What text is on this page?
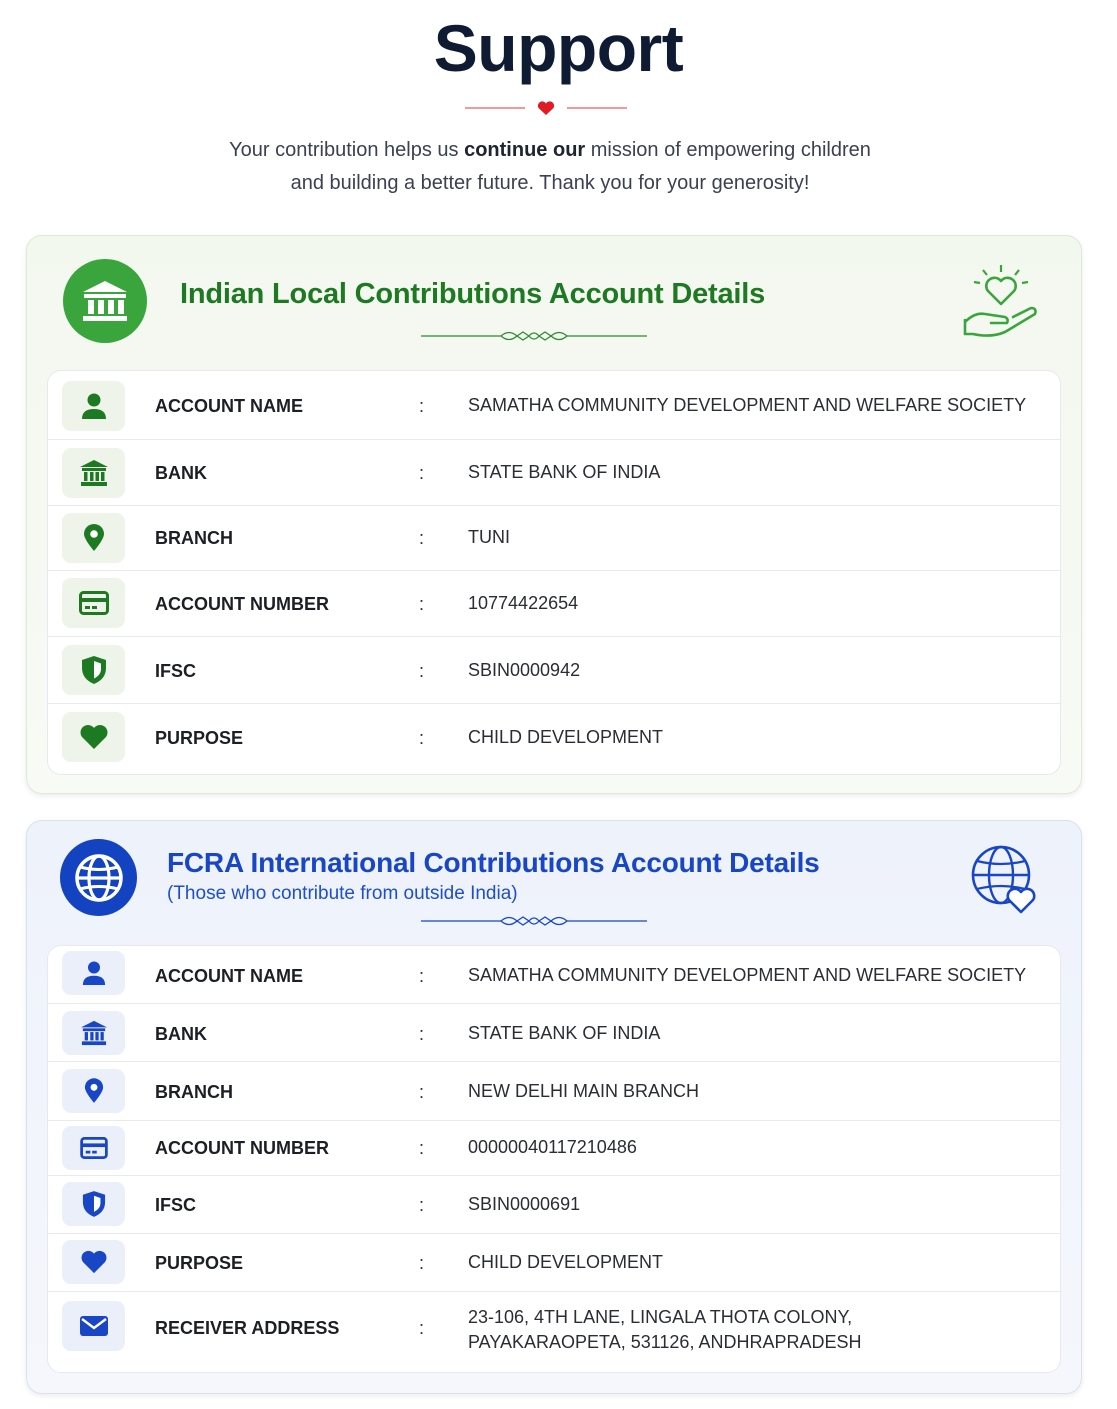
Support

Your contribution helps us continue our mission of empowering children
and building a better future. Thank you for your generosity!

Indian Local Contributions Account Details
ACCOUNT NAME	: SAMATHA COMMUNITY DEVELOPMENT AND WELFARE SOCIETY
BANK	: STATE BANK OF INDIA
BRANCH	: TUNI
ACCOUNT NUMBER	: 10774422654
IFSC	: SBIN0000942
PURPOSE	: CHILD DEVELOPMENT
FCRA International Contributions Account Details

(Those who contribute from outside India)

ACCOUNT NAME	: SAMATHA COMMUNITY DEVELOPMENT AND WELFARE SOCIETY
BANK	: STATE BANK OF INDIA
BRANCH	: NEW DELHI MAIN BRANCH
ACCOUNT NUMBER	: 00000040117210486
IFSC	: SBIN0000691
PURPOSE	: CHILD DEVELOPMENT
RECEIVER ADDRESS	:
23-106, 4TH LANE, LINGALA THOTA COLONY,
PAYAKARAOPETA, 531126, ANDHRAPRADESH
